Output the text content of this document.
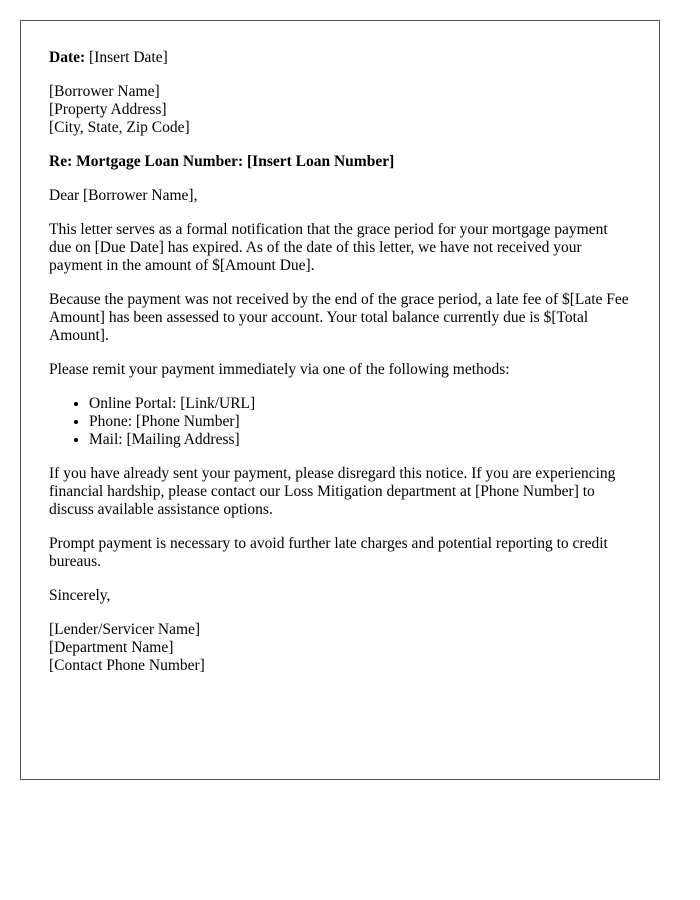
Date: [Insert Date]

[Borrower Name]
[Property Address]
[City, State, Zip Code]

Re: Mortgage Loan Number: [Insert Loan Number]

Dear [Borrower Name],

This letter serves as a formal notification that the grace period for your mortgage payment due on [Due Date] has expired. As of the date of this letter, we have not received your payment in the amount of $[Amount Due].

Because the payment was not received by the end of the grace period, a late fee of $[Late Fee Amount] has been assessed to your account. Your total balance currently due is $[Total Amount].

Please remit your payment immediately via one of the following methods:

• Online Portal: [Link/URL]
• Phone: [Phone Number]
• Mail: [Mailing Address]

If you have already sent your payment, please disregard this notice. If you are experiencing financial hardship, please contact our Loss Mitigation department at [Phone Number] to discuss available assistance options.

Prompt payment is necessary to avoid further late charges and potential reporting to credit bureaus.

Sincerely,

[Lender/Servicer Name]
[Department Name]
[Contact Phone Number]
